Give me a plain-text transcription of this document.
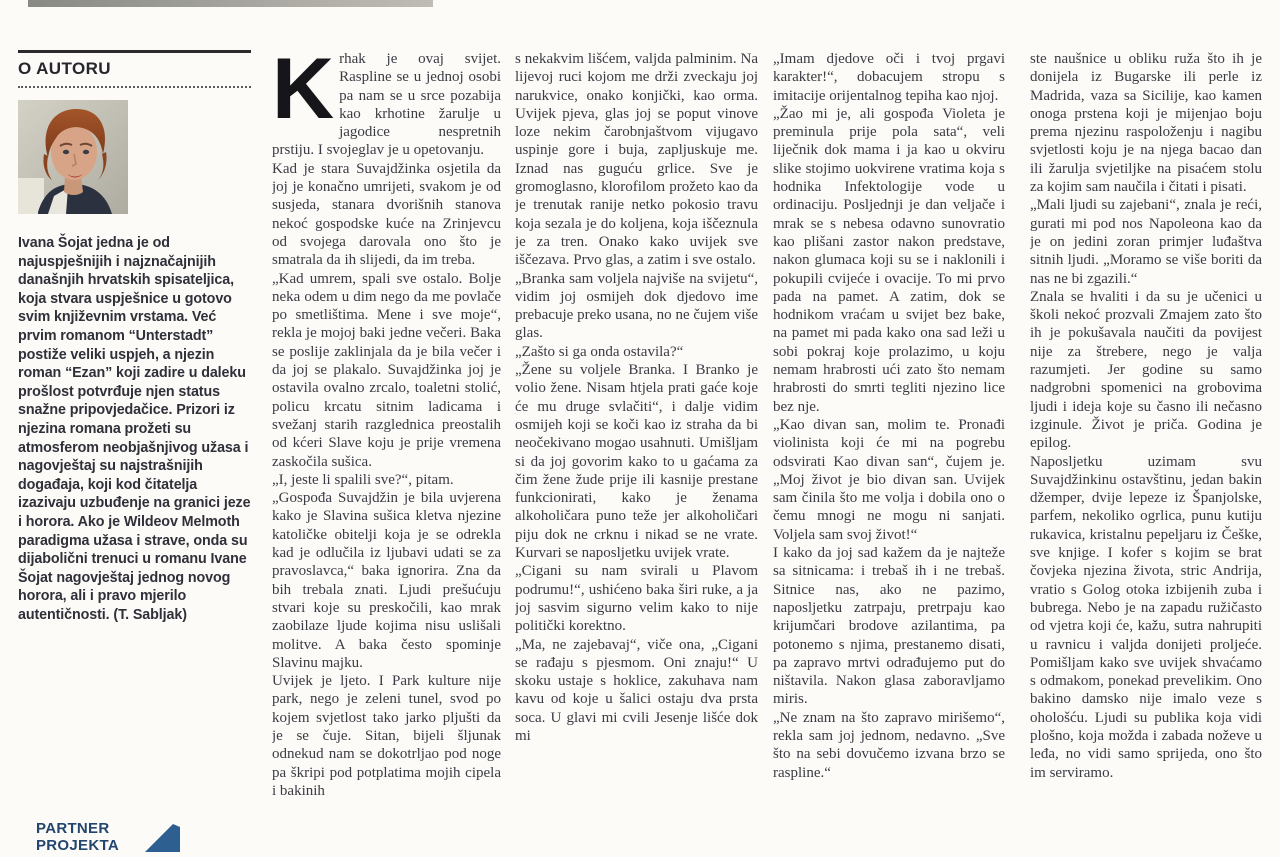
O AUTORU
Ivana Šojat jedna je od najuspješnijih i najznačajnijih današnjih hrvatskih spisateljica, koja stvara uspješnice u gotovo svim književnim vrstama. Već prvim romanom “Unterstadt” postiže veliki uspjeh, a njezin roman “Ezan” koji zadire u daleku prošlost potvrđuje njen status snažne pripovjedačice. Prizori iz njezina romana prožeti su atmosferom neobjašnjivog užasa i nagovještaj su najstrašnijih događaja, koji kod čitatelja izazivaju uzbuđenje na granici jeze i horora. Ako je Wildeov Melmoth paradigma užasa i strave, onda su dijabolični trenuci u romanu Ivane Šojat nagovještaj jednog novog horora, ali i pravo mjerilo autentičnosti. (T. Sabljak)
PARTNER
PROJEKTA

Krhak je ovaj svijet. Rasplinе se u jednoj osobi pa nam se u srce pozabija kao krhotine žarulje u jagodice nespretnih prstiju. I svojeglav je u opetovanju.

Kad je stara Suvajdžinka osjetila da joj je konačno umrijeti, svakom je od susjeda, stanara dvorišnih stanova nekoć gospodske kuće na Zrinjevcu od svojega darovala ono što je smatrala da ih slijedi, da im treba.

„Kad umrem, spali sve ostalo. Bolje neka odem u dim nego da me povlače po smetlištima. Mene i sve moje“, rekla je mojoj baki jedne večeri. Baka se poslije zaklinjala da je bila večer i da joj se plakalo. Suvajdžinka joj je ostavila ovalno zrcalo, toaletni stolić, policu krcatu sitnim ladicama i svežanj starih razglednica preostalih od kćeri Slave koju je prije vremena zaskočila sušica.

„I, jeste li spalili sve?“, pitam.

„Gospođa Suvajdžin je bila uvjerena kako je Slavina sušica kletva njezine katoličke obitelji koja je se odrekla kad je odlučila iz ljubavi udati se za pravoslavca,“ baka ignorira. Zna da bih trebala znati. Ljudi prešućuju stvari koje su preskočili, kao mrak zaobilaze ljude kojima nisu uslišali molitve. A baka često spominje Slavinu majku.

Uvijek je ljeto. I Park kulture nije park, nego je zeleni tunel, svod po kojem svjetlost tako jarko pljušti da je se čuje. Sitan, bijeli šljunak odnekud nam se dokotrljao pod noge pa škripi pod potplatima mojih cipela i bakinih

s nekakvim lišćem, valjda palminim. Na lijevoj ruci kojom me drži zveckaju joj narukvice, onako konjički, kao orma. Uvijek pjeva, glas joj se poput vinove loze nekim čarobnjaštvom vijugavo uspinje gore i buja, zapljuskuje me. Iznad nas guguću grlice. Sve je gromoglasno, klorofilom prožeto kao da je trenutak ranije netko pokosio travu koja sezala je do koljena, koja iščeznula je za tren. Onako kako uvijek sve iščezava. Prvo glas, a zatim i sve ostalo.

„Branka sam voljela najviše na svijetu“, vidim joj osmijeh dok djedovo ime prebacuje preko usana, no ne čujem više glas.

„Zašto si ga onda ostavila?“

„Žene su voljele Branka. I Branko je volio žene. Nisam htjela prati gaće koje će mu druge svlačiti“, i dalje vidim osmijeh koji se koči kao iz straha da bi neočekivano mogao usahnuti. Umišljam si da joj govorim kako to u gaćama za čim žene žude prije ili kasnije prestane funkcionirati, kako je ženama alkoholičara puno teže jer alkoholičari piju dok ne crknu i nikad se ne vrate. Kurvari se naposljetku uvijek vrate.

„Cigani su nam svirali u Plavom podrumu!“, ushićeno baka širi ruke, a ja joj sasvim sigurno velim kako to nije politički korektno.

„Ma, ne zajebavaj“, viče ona, „Cigani se rađaju s pjesmom. Oni znaju!“ U skoku ustaje s hoklice, zakuhava nam kavu od koje u šalici ostaju dva prsta soca. U glavi mi cvili Jesenje lišće dok mi

„Imam djedove oči i tvoj prgavi karakter!“, dobacujem stropu s imitacije orijentalnog tepiha kao njoj.

„Žao mi je, ali gospođa Violeta je preminula prije pola sata“, veli liječnik dok mama i ja kao u okviru slike stojimo uokvirene vratima koja s hodnika Infektologije vode u ordinaciju. Posljednji je dan veljače i mrak se s nebesa odavno sunovratio kao plišani zastor nakon predstave, nakon glumaca koji su se i naklonili i pokupili cvijeće i ovacije. To mi prvo pada na pamet. A zatim, dok se hodnikom vraćam u svijet bez bake, na pamet mi pada kako ona sad leži u sobi pokraj koje prolazimo, u koju nemam hrabrosti ući zato što nemam hrabrosti do smrti tegliti njezino lice bez nje.

„Kao divan san, molim te. Pronađi violinista koji će mi na pogrebu odsvirati Kao divan san“, čujem je. „Moj život je bio divan san. Uvijek sam činila što me volja i dobila ono o čemu mnogi ne mogu ni sanjati. Voljela sam svoj život!“

I kako da joj sad kažem da je najteže sa sitnicama: i trebaš ih i ne trebaš. Sitnice nas, ako ne pazimo, naposljetku zatrpaju, pretrpaju kao krijumčari brodove azilantima, pa potonemo s njima, prestanemo disati, pa zapravo mrtvi odrađujemo put do ništavila. Nakon glasa zaboravljamo miris.

„Ne znam na što zapravo mirišemo“, rekla sam joj jednom, nedavno. „Sve što na sebi dovučemo izvana brzo se raspline.“

ste naušnice u obliku ruža što ih je donijela iz Bugarske ili perle iz Madrida, vaza sa Sicilije, kao kamen onoga prstena koji je mijenjao boju prema njezinu raspoloženju i nagibu svjetlosti koju je na njega bacao dan ili žarulja svjetiljke na pisaćem stolu za kojim sam naučila i čitati i pisati.

„Mali ljudi su zajebani“, znala je reći, gurati mi pod nos Napoleona kao da je on jedini zoran primjer luđaštva sitnih ljudi. „Moramo se više boriti da nas ne bi zgazili.“

Znala se hvaliti i da su je učenici u školi nekoć prozvali Zmajem zato što ih je pokušavala naučiti da povijest nije za štrebere, nego je valja razumjeti. Jer godine su samo nadgrobni spomenici na grobovima ljudi i ideja koje su časno ili nečasno izginule. Život je priča. Godina je epilog.

Naposljetku uzimam svu Suvajdžinkinu ostavštinu, jedan bakin džemper, dvije lepeze iz Španjolske, parfem, nekoliko ogrlica, punu kutiju rukavica, kristalnu pepeljaru iz Češke, sve knjige. I kofer s kojim se brat čovjeka njezina života, stric Andrija, vratio s Golog otoka izbijenih zuba i bubrega. Nebo je na zapadu ružičasto od vjetra koji će, kažu, sutra nahrupiti u ravnicu i valjda donijeti proljeće. Pomišljam kako sve uvijek shvaćamo s odmakom, ponekad prevelikim. Ono bakino damsko nije imalo veze s ohološću. Ljudi su publika koja vidi plošno, koja možda i zabada noževe u leđa, no vidi samo sprijeda, ono što im serviramo.
